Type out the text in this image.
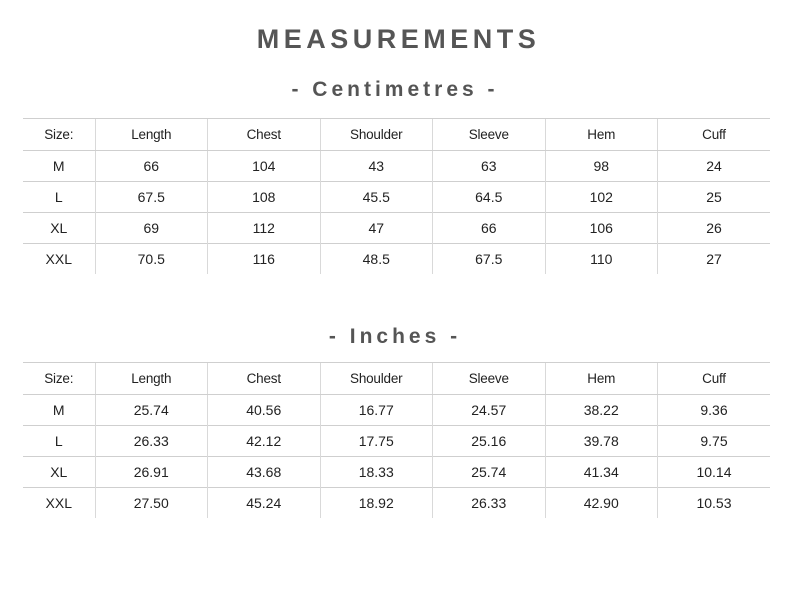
MEASUREMENTS
- Centimetres -
Size:	Length	Chest	Shoulder	Sleeve	Hem	Cuff
M	66	104	43	63	98	24
L	67.5	108	45.5	64.5	102	25
XL	69	112	47	66	106	26
XXL	70.5	116	48.5	67.5	110	27
- Inches -
Size:	Length	Chest	Shoulder	Sleeve	Hem	Cuff
M	25.74	40.56	16.77	24.57	38.22	9.36
L	26.33	42.12	17.75	25.16	39.78	9.75
XL	26.91	43.68	18.33	25.74	41.34	10.14
XXL	27.50	45.24	18.92	26.33	42.90	10.53
